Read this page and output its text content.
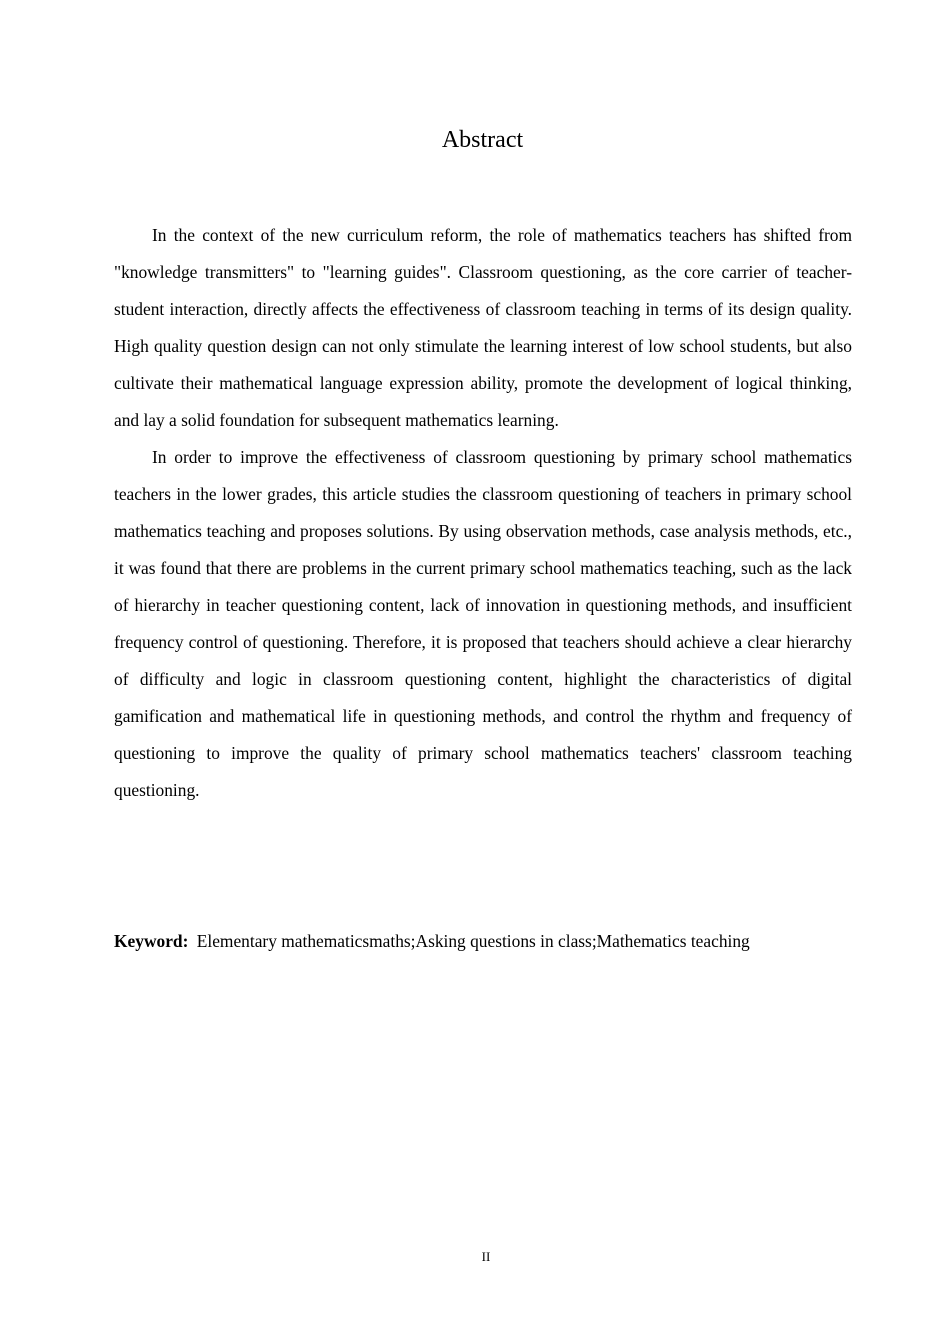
Abstract

In the context of the new curriculum reform, the role of mathematics teachers has shifted from "knowledge transmitters" to "learning guides". Classroom questioning, as the core carrier of teacher-student interaction, directly affects the effectiveness of classroom teaching in terms of its design quality. High quality question design can not only stimulate the learning interest of low school students, but also cultivate their mathematical language expression ability, promote the development of logical thinking, and lay a solid foundation for subsequent mathematics learning.

In order to improve the effectiveness of classroom questioning by primary school mathematics teachers in the lower grades, this article studies the classroom questioning of teachers in primary school mathematics teaching and proposes solutions. By using observation methods, case analysis methods, etc., it was found that there are problems in the current primary school mathematics teaching, such as the lack of hierarchy in teacher questioning content, lack of innovation in questioning methods, and insufficient frequency control of questioning. Therefore, it is proposed that teachers should achieve a clear hierarchy of difficulty and logic in classroom questioning content, highlight the characteristics of digital gamification and mathematical life in questioning methods, and control the rhythm and frequency of questioning to improve the quality of primary school mathematics teachers' classroom teaching questioning.

Keyword: Elementary mathematicsmaths;Asking questions in class;Mathematics teaching
II
